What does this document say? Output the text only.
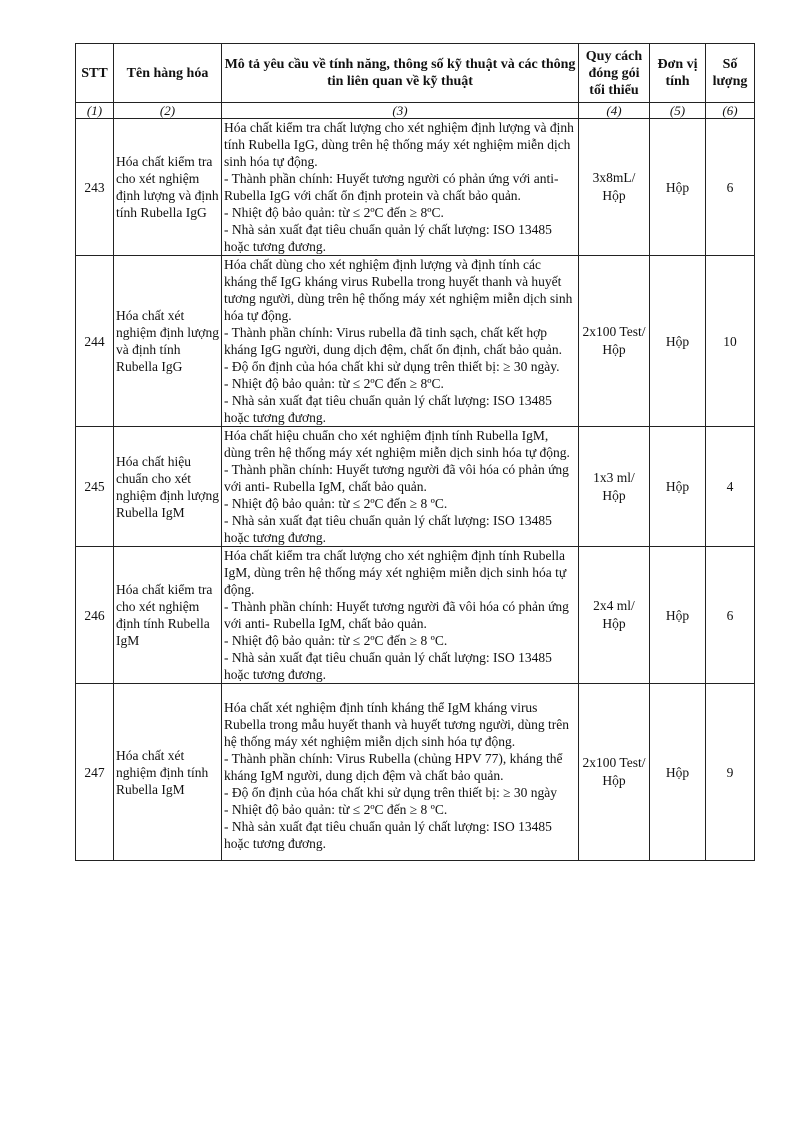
STT	Tên hàng hóa	Mô tả yêu cầu về tính năng, thông số kỹ thuật và các thông tin liên quan về kỹ thuật	Quy cách đóng gói tối thiểu	Đơn vị tính	Số lượng
(1)	(2)	(3)	(4)	(5)	(6)
243	Hóa chất kiểm tra cho xét nghiệm định lượng và định tính Rubella IgG	Hóa chất kiểm tra chất lượng cho xét nghiệm định lượng và định tính Rubella IgG, dùng trên hệ thống máy xét nghiệm miễn dịch sinh hóa tự động.

- Thành phần chính: Huyết tương người có phản ứng với anti-Rubella IgG với chất ổn định protein và chất bảo quản.

- Nhiệt độ bảo quản: từ ≤ 2ºC đến ≥ 8ºC.

- Nhà sản xuất đạt tiêu chuẩn quản lý chất lượng: ISO 13485 hoặc tương đương.	3x8mL/ Hộp	Hộp	6
244	Hóa chất xét nghiệm định lượng và định tính Rubella IgG	Hóa chất dùng cho xét nghiệm định lượng và định tính các kháng thể IgG kháng virus Rubella trong huyết thanh và huyết tương người, dùng trên hệ thống máy xét nghiệm miễn dịch sinh hóa tự động.

- Thành phần chính: Virus rubella đã tinh sạch, chất kết hợp kháng IgG người, dung dịch đệm, chất ổn định, chất bảo quản.

- Độ ổn định của hóa chất khi sử dụng trên thiết bị: ≥ 30 ngày.

- Nhiệt độ bảo quản: từ ≤ 2ºC đến ≥ 8ºC.

- Nhà sản xuất đạt tiêu chuẩn quản lý chất lượng: ISO 13485 hoặc tương đương.	2x100 Test/ Hộp	Hộp	10
245	Hóa chất hiệu chuẩn cho xét nghiệm định lượng Rubella IgM	Hóa chất hiệu chuẩn cho xét nghiệm định tính Rubella IgM, dùng trên hệ thống máy xét nghiệm miễn dịch sinh hóa tự động.

- Thành phần chính: Huyết tương người đã vôi hóa có phản ứng với anti- Rubella IgM, chất bảo quản.

- Nhiệt độ bảo quản: từ ≤ 2ºC đến ≥ 8 ºC.

- Nhà sản xuất đạt tiêu chuẩn quản lý chất lượng: ISO 13485 hoặc tương đương.	1x3 ml/ Hộp	Hộp	4
246	Hóa chất kiểm tra cho xét nghiệm định tính Rubella IgM	Hóa chất kiểm tra chất lượng cho xét nghiệm định tính Rubella IgM, dùng trên hệ thống máy xét nghiệm miễn dịch sinh hóa tự động.

- Thành phần chính: Huyết tương người đã vôi hóa có phản ứng với anti- Rubella IgM, chất bảo quản.

- Nhiệt độ bảo quản: từ ≤ 2ºC đến ≥ 8 ºC.

- Nhà sản xuất đạt tiêu chuẩn quản lý chất lượng: ISO 13485 hoặc tương đương.	2x4 ml/ Hộp	Hộp	6
247	Hóa chất xét nghiệm định tính Rubella IgM	Hóa chất xét nghiệm định tính kháng thể IgM kháng virus Rubella trong mẫu huyết thanh và huyết tương người, dùng trên hệ thống máy xét nghiệm miễn dịch sinh hóa tự động.

- Thành phần chính: Virus Rubella (chủng HPV 77), kháng thể kháng IgM người, dung dịch đệm và chất bảo quản.

- Độ ổn định của hóa chất khi sử dụng trên thiết bị: ≥ 30 ngày

- Nhiệt độ bảo quản: từ ≤ 2ºC đến ≥ 8 ºC.

- Nhà sản xuất đạt tiêu chuẩn quản lý chất lượng: ISO 13485 hoặc tương đương.	2x100 Test/ Hộp	Hộp	9
